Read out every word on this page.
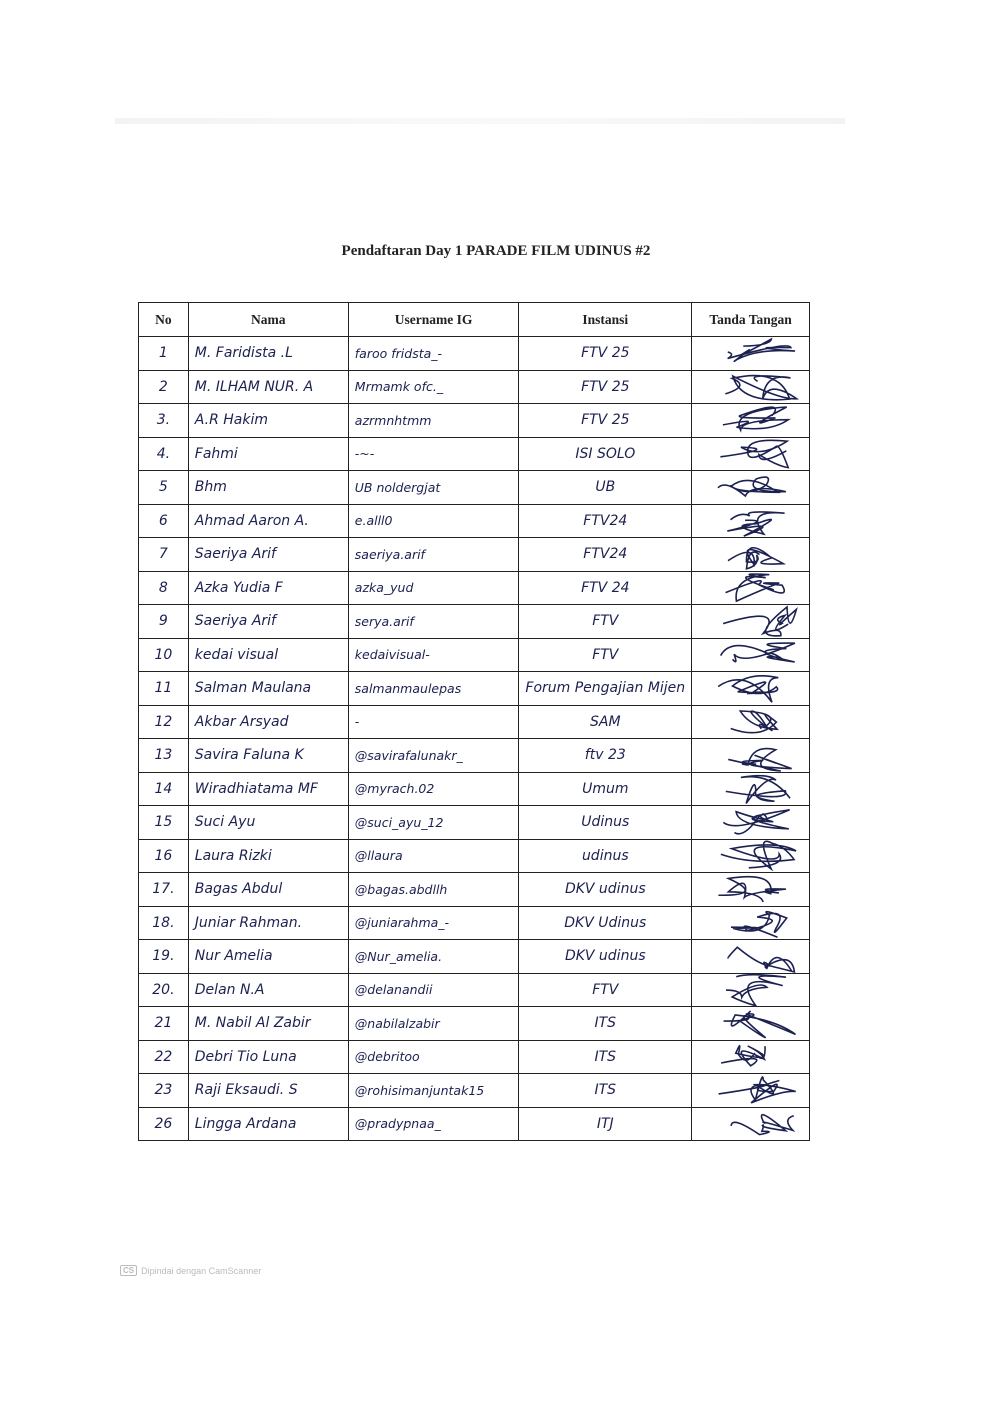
Pendaftaran Day 1 PARADE FILM UDINUS #2
No	Nama	Username IG	Instansi	Tanda Tangan
1	M. Faridista .L	faroo fridsta_-	FTV 25	

2	M. ILHAM NUR. A	Mrmamk ofc._	FTV 25	

3.	A.R Hakim	azrmnhtmm	FTV 25	

4.	Fahmi	-~-	ISI SOLO	

5	Bhm	UB noldergjat	UB	

6	Ahmad Aaron A.	e.alll0	FTV24	

7	Saeriya Arif	saeriya.arif	FTV24	

8	Azka Yudia F	azka_yud	FTV 24	

9	Saeriya Arif	serya.arif	FTV	

10	kedai visual	kedaivisual-	FTV	

11	Salman Maulana	salmanmaulepas	Forum Pengajian Mijen	

12	Akbar Arsyad	-	SAM	

13	Savira Faluna K	@savirafalunakr_	ftv 23	

14	Wiradhiatama MF	@myrach.02	Umum	

15	Suci Ayu	@suci_ayu_12	Udinus	

16	Laura Rizki	@llaura	udinus	

17.	Bagas Abdul	@bagas.abdllh	DKV udinus	

18.	Juniar Rahman.	@juniarahma_-	DKV Udinus	

19.	Nur Amelia	@Nur_amelia.	DKV udinus	

20.	Delan N.A	@delanandii	FTV	

21	M. Nabil Al Zabir	@nabilalzabir	ITS	

22	Debri Tio Luna	@debritoo	ITS	

23	Raji Eksaudi. S	@rohisimanjuntak15	ITS	

26	Lingga Ardana	@pradypnaa_	ITJ	
CS Dipindai dengan CamScanner
